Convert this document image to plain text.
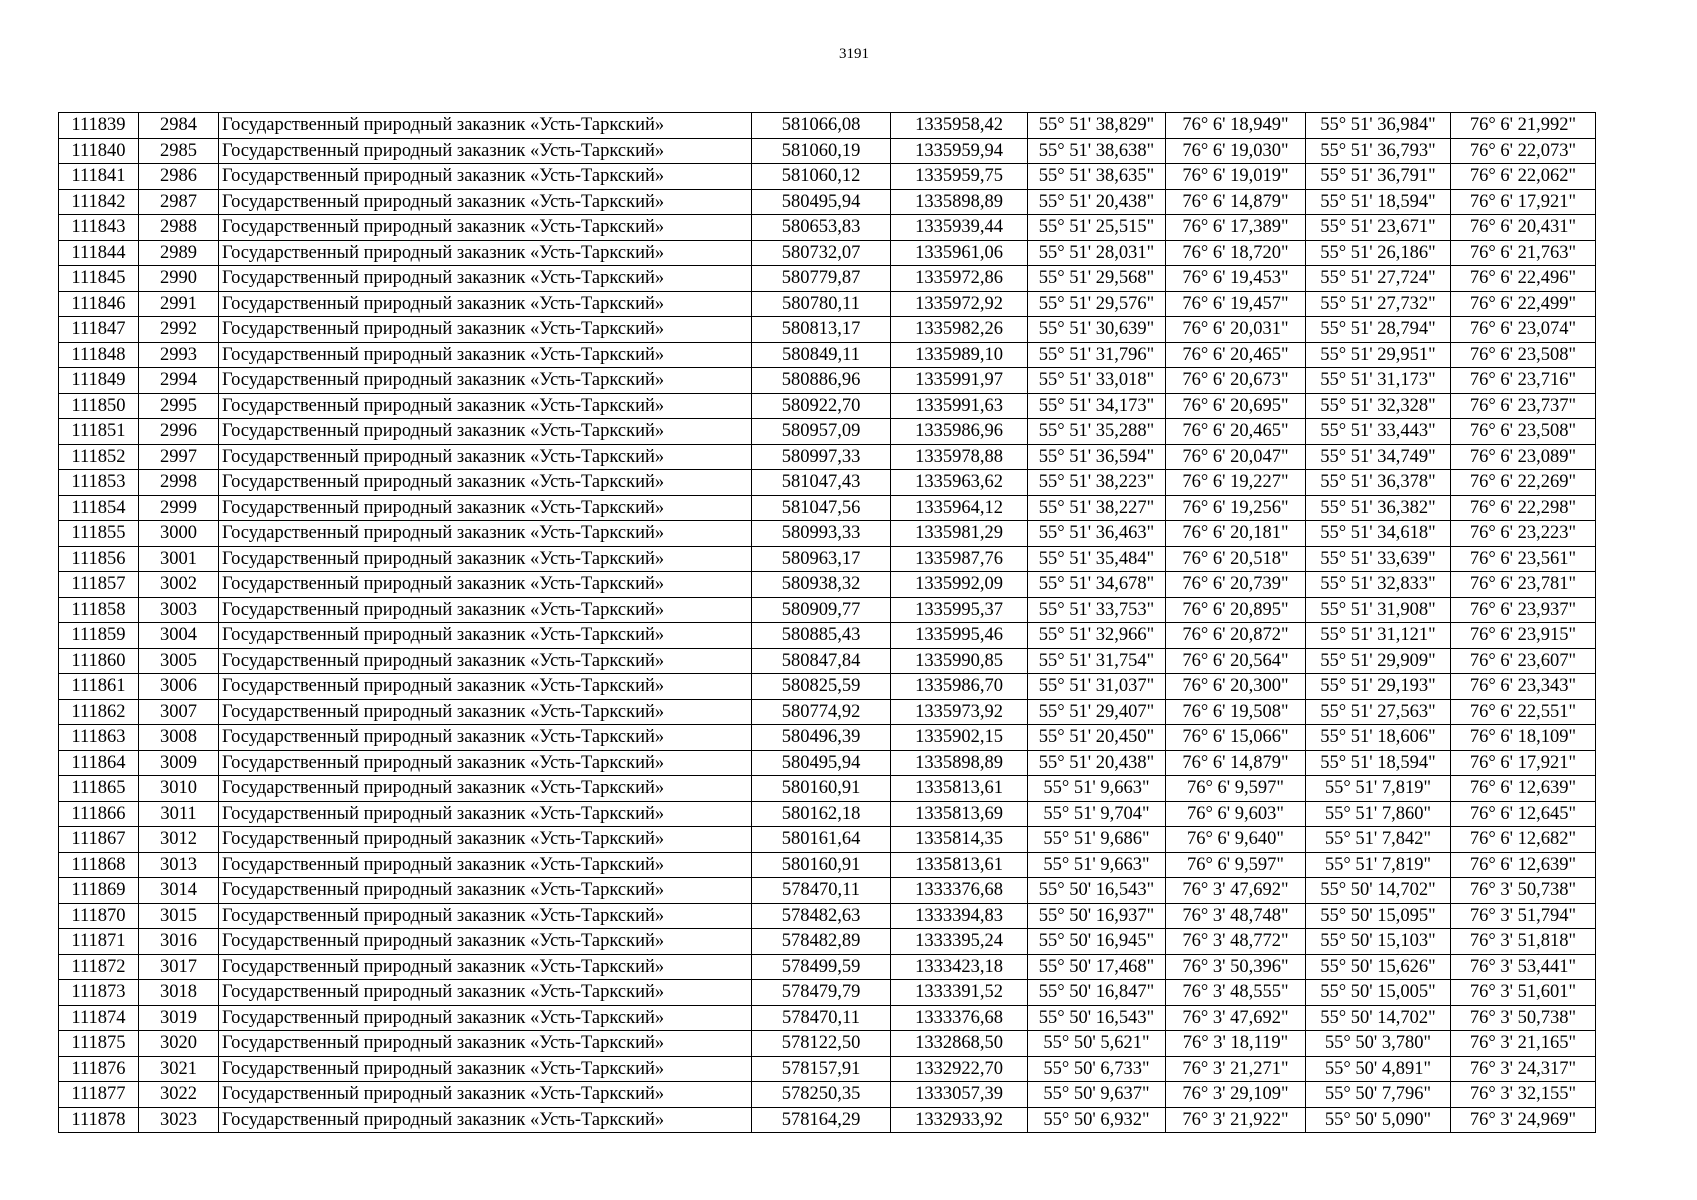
3191
111839	2984	Государственный природный заказник «Усть-Таркский»	581066,08	1335958,42	55° 51' 38,829"	76° 6' 18,949"	55° 51' 36,984"	76° 6' 21,992"
111840	2985	Государственный природный заказник «Усть-Таркский»	581060,19	1335959,94	55° 51' 38,638"	76° 6' 19,030"	55° 51' 36,793"	76° 6' 22,073"
111841	2986	Государственный природный заказник «Усть-Таркский»	581060,12	1335959,75	55° 51' 38,635"	76° 6' 19,019"	55° 51' 36,791"	76° 6' 22,062"
111842	2987	Государственный природный заказник «Усть-Таркский»	580495,94	1335898,89	55° 51' 20,438"	76° 6' 14,879"	55° 51' 18,594"	76° 6' 17,921"
111843	2988	Государственный природный заказник «Усть-Таркский»	580653,83	1335939,44	55° 51' 25,515"	76° 6' 17,389"	55° 51' 23,671"	76° 6' 20,431"
111844	2989	Государственный природный заказник «Усть-Таркский»	580732,07	1335961,06	55° 51' 28,031"	76° 6' 18,720"	55° 51' 26,186"	76° 6' 21,763"
111845	2990	Государственный природный заказник «Усть-Таркский»	580779,87	1335972,86	55° 51' 29,568"	76° 6' 19,453"	55° 51' 27,724"	76° 6' 22,496"
111846	2991	Государственный природный заказник «Усть-Таркский»	580780,11	1335972,92	55° 51' 29,576"	76° 6' 19,457"	55° 51' 27,732"	76° 6' 22,499"
111847	2992	Государственный природный заказник «Усть-Таркский»	580813,17	1335982,26	55° 51' 30,639"	76° 6' 20,031"	55° 51' 28,794"	76° 6' 23,074"
111848	2993	Государственный природный заказник «Усть-Таркский»	580849,11	1335989,10	55° 51' 31,796"	76° 6' 20,465"	55° 51' 29,951"	76° 6' 23,508"
111849	2994	Государственный природный заказник «Усть-Таркский»	580886,96	1335991,97	55° 51' 33,018"	76° 6' 20,673"	55° 51' 31,173"	76° 6' 23,716"
111850	2995	Государственный природный заказник «Усть-Таркский»	580922,70	1335991,63	55° 51' 34,173"	76° 6' 20,695"	55° 51' 32,328"	76° 6' 23,737"
111851	2996	Государственный природный заказник «Усть-Таркский»	580957,09	1335986,96	55° 51' 35,288"	76° 6' 20,465"	55° 51' 33,443"	76° 6' 23,508"
111852	2997	Государственный природный заказник «Усть-Таркский»	580997,33	1335978,88	55° 51' 36,594"	76° 6' 20,047"	55° 51' 34,749"	76° 6' 23,089"
111853	2998	Государственный природный заказник «Усть-Таркский»	581047,43	1335963,62	55° 51' 38,223"	76° 6' 19,227"	55° 51' 36,378"	76° 6' 22,269"
111854	2999	Государственный природный заказник «Усть-Таркский»	581047,56	1335964,12	55° 51' 38,227"	76° 6' 19,256"	55° 51' 36,382"	76° 6' 22,298"
111855	3000	Государственный природный заказник «Усть-Таркский»	580993,33	1335981,29	55° 51' 36,463"	76° 6' 20,181"	55° 51' 34,618"	76° 6' 23,223"
111856	3001	Государственный природный заказник «Усть-Таркский»	580963,17	1335987,76	55° 51' 35,484"	76° 6' 20,518"	55° 51' 33,639"	76° 6' 23,561"
111857	3002	Государственный природный заказник «Усть-Таркский»	580938,32	1335992,09	55° 51' 34,678"	76° 6' 20,739"	55° 51' 32,833"	76° 6' 23,781"
111858	3003	Государственный природный заказник «Усть-Таркский»	580909,77	1335995,37	55° 51' 33,753"	76° 6' 20,895"	55° 51' 31,908"	76° 6' 23,937"
111859	3004	Государственный природный заказник «Усть-Таркский»	580885,43	1335995,46	55° 51' 32,966"	76° 6' 20,872"	55° 51' 31,121"	76° 6' 23,915"
111860	3005	Государственный природный заказник «Усть-Таркский»	580847,84	1335990,85	55° 51' 31,754"	76° 6' 20,564"	55° 51' 29,909"	76° 6' 23,607"
111861	3006	Государственный природный заказник «Усть-Таркский»	580825,59	1335986,70	55° 51' 31,037"	76° 6' 20,300"	55° 51' 29,193"	76° 6' 23,343"
111862	3007	Государственный природный заказник «Усть-Таркский»	580774,92	1335973,92	55° 51' 29,407"	76° 6' 19,508"	55° 51' 27,563"	76° 6' 22,551"
111863	3008	Государственный природный заказник «Усть-Таркский»	580496,39	1335902,15	55° 51' 20,450"	76° 6' 15,066"	55° 51' 18,606"	76° 6' 18,109"
111864	3009	Государственный природный заказник «Усть-Таркский»	580495,94	1335898,89	55° 51' 20,438"	76° 6' 14,879"	55° 51' 18,594"	76° 6' 17,921"
111865	3010	Государственный природный заказник «Усть-Таркский»	580160,91	1335813,61	55° 51' 9,663"	76° 6' 9,597"	55° 51' 7,819"	76° 6' 12,639"
111866	3011	Государственный природный заказник «Усть-Таркский»	580162,18	1335813,69	55° 51' 9,704"	76° 6' 9,603"	55° 51' 7,860"	76° 6' 12,645"
111867	3012	Государственный природный заказник «Усть-Таркский»	580161,64	1335814,35	55° 51' 9,686"	76° 6' 9,640"	55° 51' 7,842"	76° 6' 12,682"
111868	3013	Государственный природный заказник «Усть-Таркский»	580160,91	1335813,61	55° 51' 9,663"	76° 6' 9,597"	55° 51' 7,819"	76° 6' 12,639"
111869	3014	Государственный природный заказник «Усть-Таркский»	578470,11	1333376,68	55° 50' 16,543"	76° 3' 47,692"	55° 50' 14,702"	76° 3' 50,738"
111870	3015	Государственный природный заказник «Усть-Таркский»	578482,63	1333394,83	55° 50' 16,937"	76° 3' 48,748"	55° 50' 15,095"	76° 3' 51,794"
111871	3016	Государственный природный заказник «Усть-Таркский»	578482,89	1333395,24	55° 50' 16,945"	76° 3' 48,772"	55° 50' 15,103"	76° 3' 51,818"
111872	3017	Государственный природный заказник «Усть-Таркский»	578499,59	1333423,18	55° 50' 17,468"	76° 3' 50,396"	55° 50' 15,626"	76° 3' 53,441"
111873	3018	Государственный природный заказник «Усть-Таркский»	578479,79	1333391,52	55° 50' 16,847"	76° 3' 48,555"	55° 50' 15,005"	76° 3' 51,601"
111874	3019	Государственный природный заказник «Усть-Таркский»	578470,11	1333376,68	55° 50' 16,543"	76° 3' 47,692"	55° 50' 14,702"	76° 3' 50,738"
111875	3020	Государственный природный заказник «Усть-Таркский»	578122,50	1332868,50	55° 50' 5,621"	76° 3' 18,119"	55° 50' 3,780"	76° 3' 21,165"
111876	3021	Государственный природный заказник «Усть-Таркский»	578157,91	1332922,70	55° 50' 6,733"	76° 3' 21,271"	55° 50' 4,891"	76° 3' 24,317"
111877	3022	Государственный природный заказник «Усть-Таркский»	578250,35	1333057,39	55° 50' 9,637"	76° 3' 29,109"	55° 50' 7,796"	76° 3' 32,155"
111878	3023	Государственный природный заказник «Усть-Таркский»	578164,29	1332933,92	55° 50' 6,932"	76° 3' 21,922"	55° 50' 5,090"	76° 3' 24,969"
